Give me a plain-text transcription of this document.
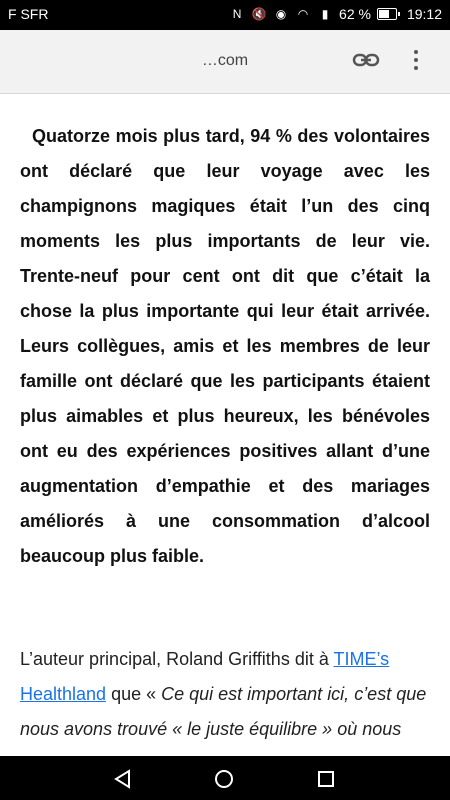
F SFR	N 🔇 ◉ ◠	▮ 62 %	19:12
…com
Quatorze mois plus tard, 94 % des volontaires ont déclaré que leur voyage avec les champignons magiques était l’un des cinq moments les plus importants de leur vie. Trente-neuf pour cent ont dit que c’était la chose la plus importante qui leur était arrivée. Leurs collègues, amis et les membres de leur famille ont déclaré que les participants étaient plus aimables et plus heureux, les bénévoles ont eu des expériences positives allant d’une augmentation d’empathie et des mariages améliorés à une consommation d’alcool beaucoup plus faible.
L’auteur principal, Roland Griffiths dit à TIME’s Healthland que « Ce qui est important ici, c’est que nous avons trouvé « le juste équilibre » où nous
